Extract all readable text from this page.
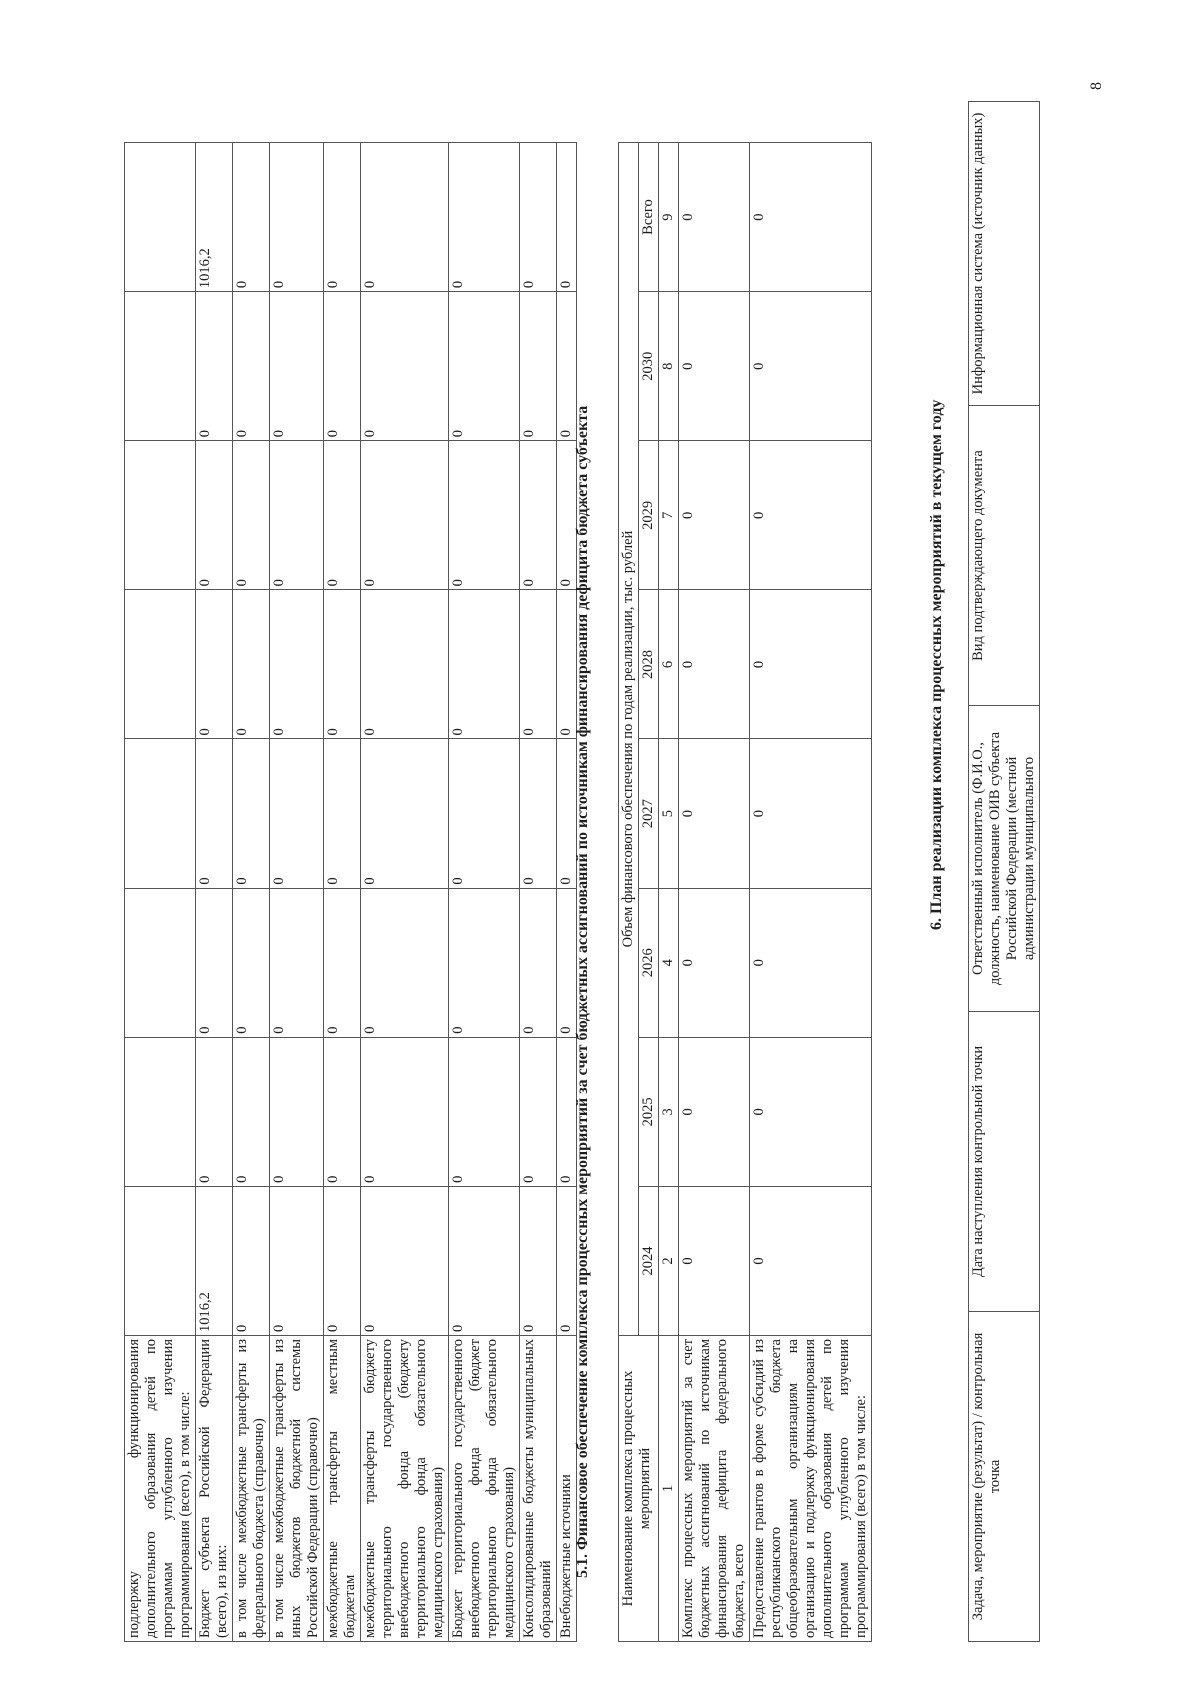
подлержку функционирования дополнительного образования детей по программам углубленного изучения программирования (всего), в том числе:								
Бюджет субъекта Российской Федерации (всего), из них:	1016,2	0	0	0	0	0	0	1016,2
в том числе межбюджетные трансферты из федерального бюджета (справочно)	0	0	0	0	0	0	0	0
в том числе межбюджетные трансферты из иных бюджетов бюджетной системы Российской Федерации (справочно)	0	0	0	0	0	0	0	0
межбюджетные трансферты местным бюджетам	0	0	0	0	0	0	0	0
межбюджетные трансферты бюджету территориального государственного внебюджетного фонда (бюджету территориального фонда обязательного медицинского страхования)	0	0	0	0	0	0	0	0
Бюджет территориального государственного внебюджетного фонда (бюджет территориального фонда обязательного медицинского страхования)	0	0	0	0	0	0	0	0
Консолидированные бюджеты муниципальных образований	0	0	0	0	0	0	0	0
Внебюджетные источники	0	0	0	0	0	0	0	0
5.1. Финансовое обеспечение комплекса процессных мероприятий за счет бюджетных ассигнований по источникам финансирования дефицита бюджета субъекта Наименование комплекса процессных мероприятий	Объем финансового обеспечения по годам реализации, тыс. рублей							
	2024	2025	2026	2027	2028	2029	2030	Всего
1	2	3	4	5	6	7	8	9
Комплекс процессных мероприятий за счет бюджетных ассигнований по источникам финансирования дефицита федерального бюджета, всего	0	0	0	0	0	0	0	0
Предоставление грантов в форме субсидий из республиканского бюджета общеобразовательным организациям на организацию и подлержку функционирования дополнительного образования детей по программам углубленного изучения программирования (всего) в том числе:	0	0	0	0	0	0	0	0
6. План реализации комплекса процессных мероприятий в текущем году
Задача, мероприятие (результат) / контрольная точка	Дата наступления контрольной точки	Ответственный исполнитель (Ф.И.О., должность, наименование ОИВ субъекта Российской Федерации (местной администрации муниципального	Вид подтверждающего документа	Информационная система (источник данных)
8
